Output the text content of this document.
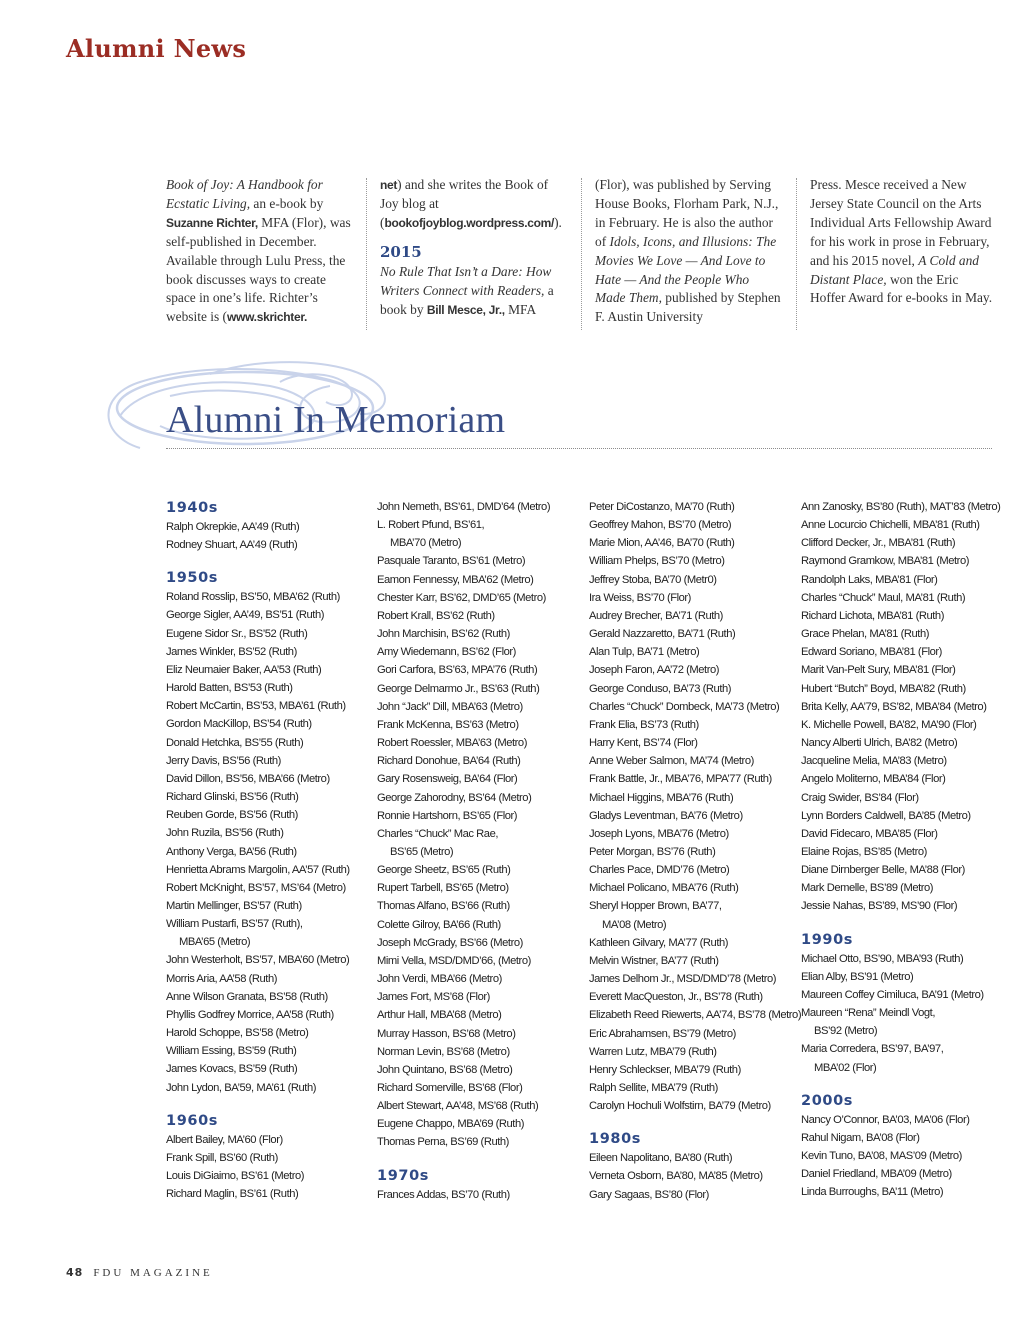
Alumni News
Book of Joy: A Handbook for Ecstatic Living, an e-book by Suzanne Richter, MFA (Flor), was self-published in December. Available through Lulu Press, the book discusses ways to create space in one’s life. Richter’s website is (www.skrichter.
net) and she writes the Book of Joy blog at (bookofjoyblog.wordpress.com/).
2015
No Rule That Isn’t a Dare: How Writers Connect with Readers, a book by Bill Mesce, Jr., MFA
(Flor), was published by Serving House Books, Florham Park, N.J., in February. He is also the author of Idols, Icons, and Illusions: The Movies We Love — And Love to Hate — And the People Who Made Them, published by Stephen F. Austin University
Press. Mesce received a New Jersey State Council on the Arts Individual Arts Fellowship Award for his work in prose in February, and his 2015 novel, A Cold and Distant Place, won the Eric Hoffer Award for e-books in May.
Alumni In Memoriam
1940s
Ralph Okrepkie, AA’49 (Ruth)
Rodney Shuart, AA’49 (Ruth)
1950s
Roland Rosslip, BS’50, MBA’62 (Ruth)
George Sigler, AA’49, BS’51 (Ruth)
Eugene Sidor Sr., BS’52 (Ruth)
James Winkler, BS’52 (Ruth)
Eliz Neumaier Baker, AA’53 (Ruth)
Harold Batten, BS’53 (Ruth)
Robert McCartin, BS’53, MBA’61 (Ruth)
Gordon MacKillop, BS’54 (Ruth)
Donald Hetchka, BS’55 (Ruth)
Jerry Davis, BS’56 (Ruth)
David Dillon, BS’56, MBA’66 (Metro)
Richard Glinski, BS’56 (Ruth)
Reuben Gorde, BS’56 (Ruth)
John Ruzila, BS’56 (Ruth)
Anthony Verga, BA’56 (Ruth)
Henrietta Abrams Margolin, AA’57 (Ruth)
Robert McKnight, BS’57, MS’64 (Metro)
Martin Mellinger, BS’57 (Ruth)
William Pustarfi, BS’57 (Ruth),
MBA’65 (Metro)
John Westerholt, BS’57, MBA’60 (Metro)
Morris Aria, AA’58 (Ruth)
Anne Wilson Granata, BS’58 (Ruth)
Phyllis Godfrey Morrice, AA’58 (Ruth)
Harold Schoppe, BS’58 (Metro)
William Essing, BS’59 (Ruth)
James Kovacs, BS’59 (Ruth)
John Lydon, BA’59, MA’61 (Ruth)
1960s
Albert Bailey, MA’60 (Flor)
Frank Spill, BS’60 (Ruth)
Louis DiGiaimo, BS’61 (Metro)
Richard Maglin, BS’61 (Ruth)
John Nemeth, BS’61, DMD’64 (Metro)
L. Robert Pfund, BS’61,
MBA’70 (Metro)
Pasquale Taranto, BS’61 (Metro)
Eamon Fennessy, MBA’62 (Metro)
Chester Karr, BS’62, DMD’65 (Metro)
Robert Krall, BS’62 (Ruth)
John Marchisin, BS’62 (Ruth)
Amy Wiedemann, BS’62 (Flor)
Gori Carfora, BS’63, MPA’76 (Ruth)
George Delmarmo Jr., BS’63 (Ruth)
John “Jack” Dill, MBA’63 (Metro)
Frank McKenna, BS’63 (Metro)
Robert Roessler, MBA’63 (Metro)
Richard Donohue, BA’64 (Ruth)
Gary Rosensweig, BA’64 (Flor)
George Zahorodny, BS’64 (Metro)
Ronnie Hartshorn, BS’65 (Flor)
Charles “Chuck” Mac Rae,
BS’65 (Metro)
George Sheetz, BS’65 (Ruth)
Rupert Tarbell, BS’65 (Metro)
Thomas Alfano, BS’66 (Ruth)
Colette Gilroy, BA’66 (Ruth)
Joseph McGrady, BS’66 (Metro)
Mimi Vella, MSD/DMD’66, (Metro)
John Verdi, MBA’66 (Metro)
James Fort, MS’68 (Flor)
Arthur Hall, MBA’68 (Metro)
Murray Hasson, BS’68 (Metro)
Norman Levin, BS’68 (Metro)
John Quintano, BS’68 (Metro)
Richard Somerville, BS’68 (Flor)
Albert Stewart, AA’48, MS’68 (Ruth)
Eugene Chappo, MBA’69 (Ruth)
Thomas Perna, BS’69 (Ruth)
1970s
Frances Addas, BS’70 (Ruth)
Peter DiCostanzo, MA’70 (Ruth)
Geoffrey Mahon, BS’70 (Metro)
Marie Mion, AA’46, BA’70 (Ruth)
William Phelps, BS’70 (Metro)
Jeffrey Stoba, BA’70 (Metr0)
Ira Weiss, BS’70 (Flor)
Audrey Brecher, BA’71 (Ruth)
Gerald Nazzaretto, BA’71 (Ruth)
Alan Tulp, BA’71 (Metro)
Joseph Faron, AA’72 (Metro)
George Conduso, BA’73 (Ruth)
Charles “Chuck” Dombeck, MA’73 (Metro)
Frank Elia, BS’73 (Ruth)
Harry Kent, BS’74 (Flor)
Anne Weber Salmon, MA’74 (Metro)
Frank Battle, Jr., MBA’76, MPA’77 (Ruth)
Michael Higgins, MBA’76 (Ruth)
Gladys Leventman, BA’76 (Metro)
Joseph Lyons, MBA’76 (Metro)
Peter Morgan, BS’76 (Ruth)
Charles Pace, DMD’76 (Metro)
Michael Policano, MBA’76 (Ruth)
Sheryl Hopper Brown, BA’77,
MA’08 (Metro)
Kathleen Gilvary, MA’77 (Ruth)
Melvin Wistner, BA’77 (Ruth)
James Delhom Jr., MSD/DMD’78 (Metro)
Everett MacQueston, Jr., BS’78 (Ruth)
Elizabeth Reed Riewerts, AA’74, BS’78 (Metro)
Eric Abrahamsen, BS’79 (Metro)
Warren Lutz, MBA’79 (Ruth)
Henry Schleckser, MBA’79 (Ruth)
Ralph Sellite, MBA’79 (Ruth)
Carolyn Hochuli Wolfstirn, BA’79 (Metro)
1980s
Eileen Napolitano, BA’80 (Ruth)
Verneta Osborn, BA’80, MA’85 (Metro)
Gary Sagaas, BS’80 (Flor)
Ann Zanosky, BS’80 (Ruth), MAT’83 (Metro)
Anne Locurcio Chichelli, MBA’81 (Ruth)
Clifford Decker, Jr., MBA’81 (Ruth)
Raymond Gramkow, MBA’81 (Metro)
Randolph Laks, MBA’81 (Flor)
Charles “Chuck” Maul, MA’81 (Ruth)
Richard Lichota, MBA’81 (Ruth)
Grace Phelan, MA’81 (Ruth)
Edward Soriano, MBA’81 (Flor)
Marit Van-Pelt Sury, MBA’81 (Flor)
Hubert “Butch” Boyd, MBA’82 (Ruth)
Brita Kelly, AA’79, BS’82, MBA’84 (Metro)
K. Michelle Powell, BA’82, MA’90 (Flor)
Nancy Alberti Ulrich, BA’82 (Metro)
Jacqueline Melia, MA’83 (Metro)
Angelo Moliterno, MBA’84 (Flor)
Craig Swider, BS’84 (Flor)
Lynn Borders Caldwell, BA’85 (Metro)
David Fidecaro, MBA’85 (Flor)
Elaine Rojas, BS’85 (Metro)
Diane Dirnberger Belle, MA’88 (Flor)
Mark Demelle, BS’89 (Metro)
Jessie Nahas, BS’89, MS’90 (Flor)
1990s
Michael Otto, BS’90, MBA’93 (Ruth)
Elian Alby, BS’91 (Metro)
Maureen Coffey Cimiluca, BA’91 (Metro)
Maureen “Rena” Meindl Vogt,
BS’92 (Metro)
Maria Corredera, BS’97, BA’97,
MBA’02 (Flor)
2000s
Nancy O’Connor, BA’03, MA’06 (Flor)
Rahul Nigam, BA’08 (Flor)
Kevin Tuno, BA’08, MAS’09 (Metro)
Daniel Friedland, MBA’09 (Metro)
Linda Burroughs, BA’11 (Metro)
48 FDU MAGAZINE
